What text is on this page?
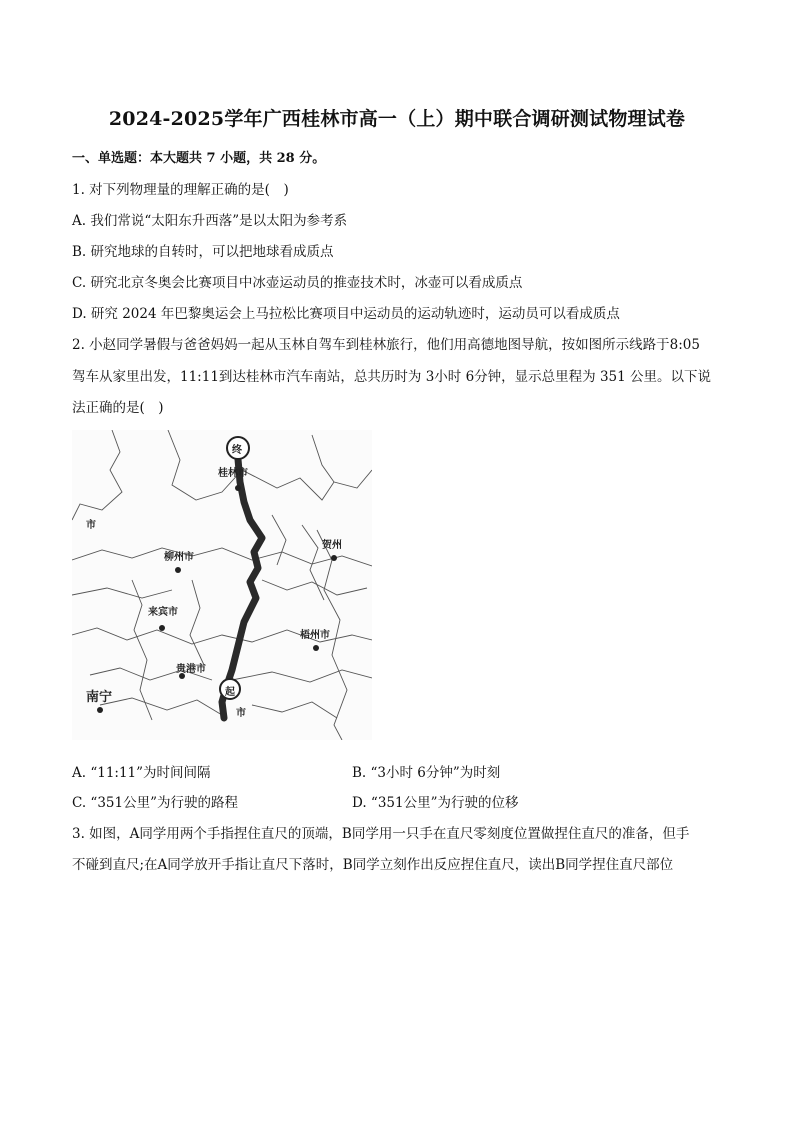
2024-2025学年广西桂林市高一（上）期中联合调研测试物理试卷
一、单选题：本大题共 7 小题，共 28 分。
1. 对下列物理量的理解正确的是(　)
A. 我们常说“太阳东升西落”是以太阳为参考系
B. 研究地球的自转时，可以把地球看成质点
C. 研究北京冬奥会比赛项目中冰壶运动员的推壶技术时，冰壶可以看成质点
D. 研究 2024 年巴黎奥运会上马拉松比赛项目中运动员的运动轨迹时，运动员可以看成质点
2. 小赵同学暑假与爸爸妈妈一起从玉林自驾车到桂林旅行，他们用高德地图导航，按如图所示线路于8:05
驾车从家里出发，11:11到达桂林市汽车南站，总共历时为 3小时 6分钟，显示总里程为 351 公里。以下说
法正确的是(　)
终
桂林市
市
柳州市
贺州
来宾市
梧州市
贵港市
南宁	起
市
A. “11:11”为时间间隔	B. “3小时 6分钟”为时刻
C. “351公里”为行驶的路程	D. “351公里”为行驶的位移
3. 如图，A同学用两个手指捏住直尺的顶端，B同学用一只手在直尺零刻度位置做捏住直尺的准备，但手
不碰到直尺;在A同学放开手指让直尺下落时，B同学立刻作出反应捏住直尺，读出B同学捏住直尺部位
